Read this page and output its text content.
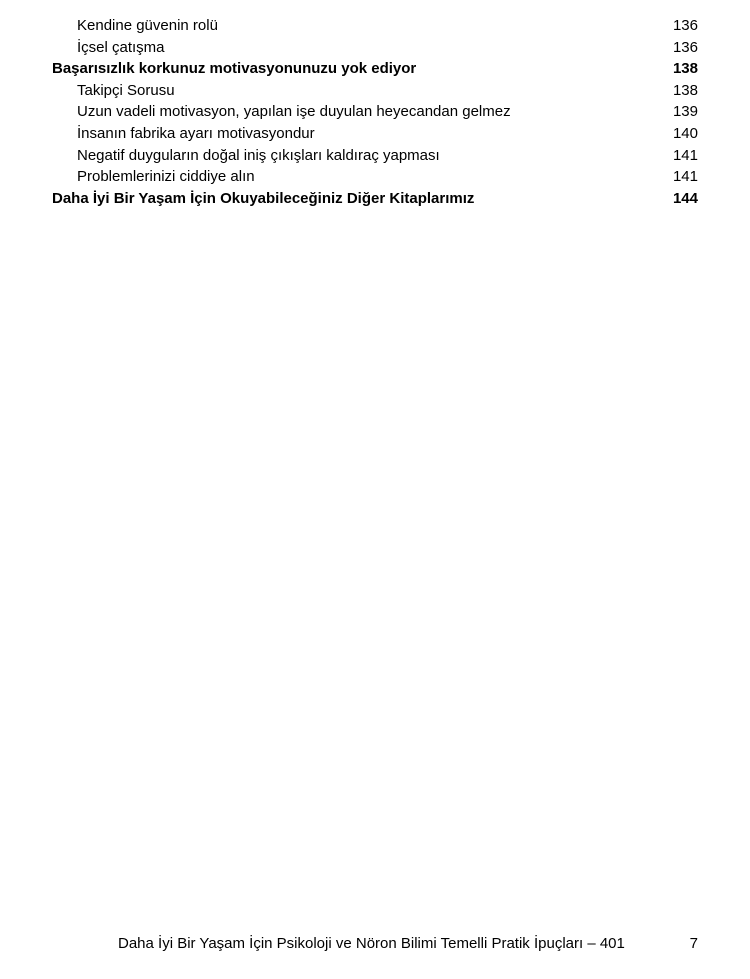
Kendine güvenin rolü	136
İçsel çatışma	136
Başarısızlık korkunuz motivasyonunuzu yok ediyor	138
Takipçi Sorusu	138
Uzun vadeli motivasyon, yapılan işe duyulan heyecandan gelmez	139
İnsanın fabrika ayarı motivasyondur	140
Negatif duyguların doğal iniş çıkışları kaldıraç yapması	141
Problemlerinizi ciddiye alın	141
Daha İyi Bir Yaşam İçin Okuyabileceğiniz Diğer Kitaplarımız	144
Daha İyi Bir Yaşam İçin Psikoloji ve Nöron Bilimi Temelli Pratik İpuçları – 401	7
